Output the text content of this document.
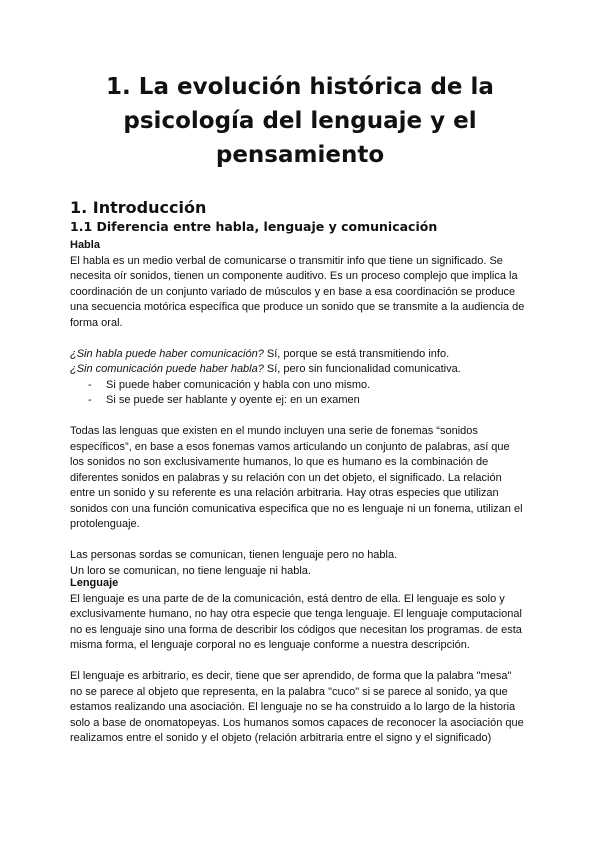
1. La evolución histórica de la psicología del lenguaje y el pensamiento
1. Introducción
1.1 Diferencia entre habla, lenguaje y comunicación

Habla

El habla es un medio verbal de comunicarse o transmitir info que tiene un significado. Se necesita oír sonidos, tienen un componente auditivo. Es un proceso complejo que implica la coordinación de un conjunto variado de músculos y en base a esa coordinación se produce una secuencia motórica específica que produce un sonido que se transmite a la audiencia de forma oral.

¿Sin habla puede haber comunicación? Sí, porque se está transmitiendo info.

¿Sin comunicación puede haber habla? Sí, pero sin funcionalidad comunicativa.

- Si puede haber comunicación y habla con uno mismo.
- Si se puede ser hablante y oyente ej: en un examen

Todas las lenguas que existen en el mundo incluyen una serie de fonemas “sonidos específicos”, en base a esos fonemas vamos articulando un conjunto de palabras, así que los sonidos no son exclusivamente humanos, lo que es humano es la combinación de diferentes sonidos en palabras y su relación con un det objeto, el significado. La relación entre un sonido y su referente es una relación arbitraria. Hay otras especies que utilizan sonidos con una función comunicativa especifica que no es lenguaje ni un fonema, utilizan el protolenguaje.

Las personas sordas se comunican, tienen lenguaje pero no habla.

Un loro se comunican, no tiene lenguaje ni habla.

Lenguaje

El lenguaje es una parte de de la comunicación, está dentro de ella. El lenguaje es solo y exclusivamente humano, no hay otra especie que tenga lenguaje. El lenguaje computacional no es lenguaje sino una forma de describir los códigos que necesitan los programas. de esta misma forma, el lenguaje corporal no es lenguaje conforme a nuestra descripción.

El lenguaje es arbitrario, es decir, tiene que ser aprendido, de forma que la palabra "mesa" no se parece al objeto que representa, en la palabra "cuco" si se parece al sonido, ya que estamos realizando una asociación. El lenguaje no se ha construido a lo largo de la historia solo a base de onomatopeyas. Los humanos somos capaces de reconocer la asociación que realizamos entre el sonido y el objeto (relación arbitraria entre el signo y el significado)
